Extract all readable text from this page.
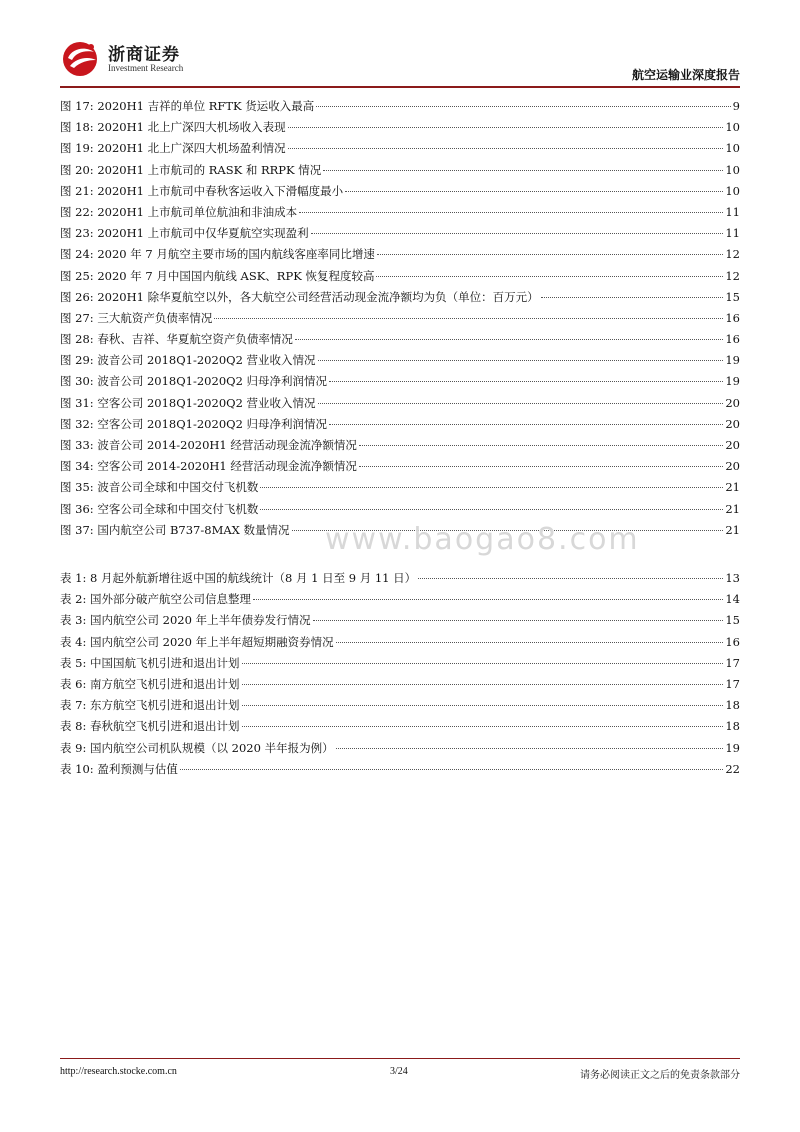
浙商证券
Investment Research	航空运输业深度报告
图 17: 2020H1 吉祥的单位 RFTK 货运收入最高	9
图 18: 2020H1 北上广深四大机场收入表现	10
图 19: 2020H1 北上广深四大机场盈利情况	10
图 20: 2020H1 上市航司的 RASK 和 RRPK 情况	10
图 21: 2020H1 上市航司中春秋客运收入下滑幅度最小	10
图 22: 2020H1 上市航司单位航油和非油成本	11
图 23: 2020H1 上市航司中仅华夏航空实现盈利	11
图 24: 2020 年 7 月航空主要市场的国内航线客座率同比增速	12
图 25: 2020 年 7 月中国国内航线 ASK、RPK 恢复程度较高	12
图 26: 2020H1 除华夏航空以外，各大航空公司经营活动现金流净额均为负（单位：百万元）	15
图 27: 三大航资产负债率情况	16
图 28: 春秋、吉祥、华夏航空资产负债率情况	16
图 29: 波音公司 2018Q1-2020Q2 营业收入情况	19
图 30: 波音公司 2018Q1-2020Q2 归母净利润情况	19
图 31: 空客公司 2018Q1-2020Q2 营业收入情况	20
图 32: 空客公司 2018Q1-2020Q2 归母净利润情况	20
图 33: 波音公司 2014-2020H1 经营活动现金流净额情况	20
图 34: 空客公司 2014-2020H1 经营活动现金流净额情况	20
图 35: 波音公司全球和中国交付飞机数	21
图 36: 空客公司全球和中国交付飞机数	21
图 37: 国内航空公司 B737-8MAX 数量情况	21
www.baogao8.com
表 1: 8 月起外航新增往返中国的航线统计（8 月 1 日至 9 月 11 日）	13
表 2: 国外部分破产航空公司信息整理	14
表 3: 国内航空公司 2020 年上半年债券发行情况	15
表 4: 国内航空公司 2020 年上半年超短期融资券情况	16
表 5: 中国国航飞机引进和退出计划	17
表 6: 南方航空飞机引进和退出计划	17
表 7: 东方航空飞机引进和退出计划	18
表 8: 春秋航空飞机引进和退出计划	18
表 9: 国内航空公司机队规模（以 2020 半年报为例）	19
表 10: 盈利预测与估值	22
http://research.stocke.com.cn	3/24	请务必阅读正文之后的免责条款部分
